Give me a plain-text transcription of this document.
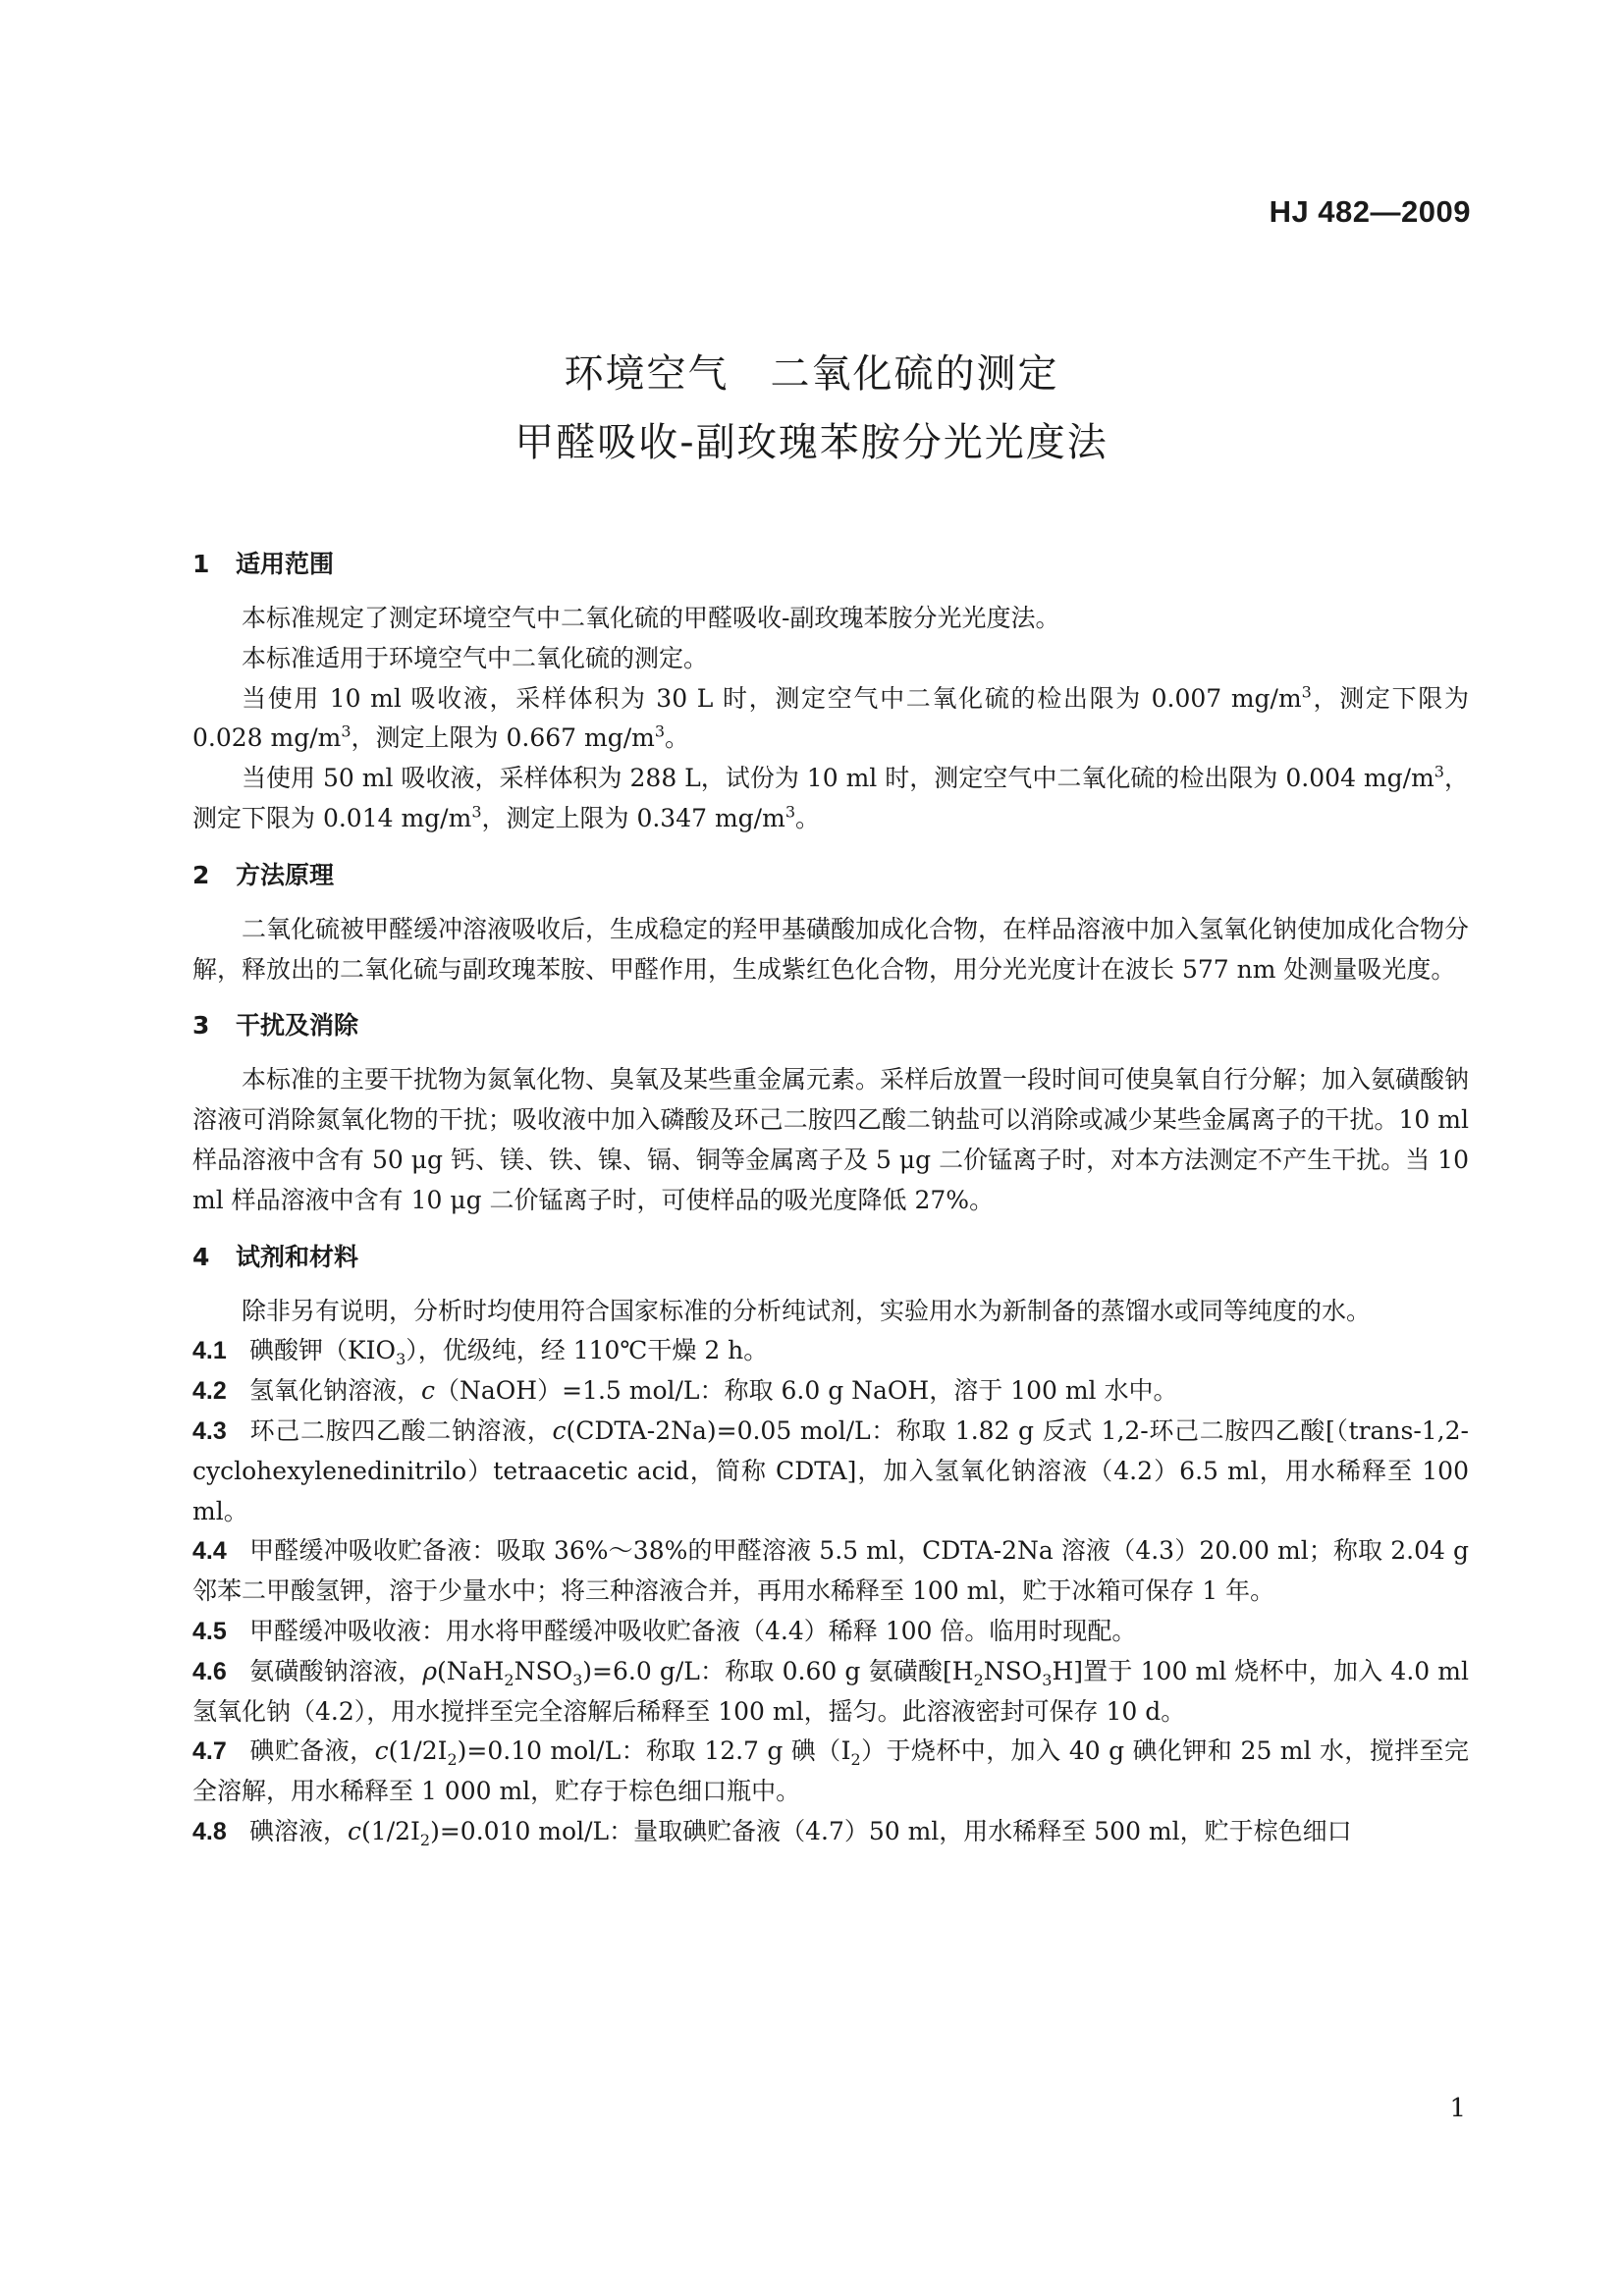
HJ 482—2009
环境空气　二氧化硫的测定
甲醛吸收-副玫瑰苯胺分光光度法
1 适用范围

本标准规定了测定环境空气中二氧化硫的甲醛吸收-副玫瑰苯胺分光光度法。

本标准适用于环境空气中二氧化硫的测定。

当使用 10 ml 吸收液，采样体积为 30 L 时，测定空气中二氧化硫的检出限为 0.007 $mg/m^3$，测定下限为 0.028 $mg/m^3$，测定上限为 0.667 $mg/m^3$。

当使用 50 ml 吸收液，采样体积为 288 L，试份为 10 ml 时，测定空气中二氧化硫的检出限为 0.004 $mg/m^3$，测定下限为 0.014 $mg/m^3$，测定上限为 0.347 $mg/m^3$。

2 方法原理

二氧化硫被甲醛缓冲溶液吸收后，生成稳定的羟甲基磺酸加成化合物，在样品溶液中加入氢氧化钠使加成化合物分解，释放出的二氧化硫与副玫瑰苯胺、甲醛作用，生成紫红色化合物，用分光光度计在波长 577 nm 处测量吸光度。

3 干扰及消除

本标准的主要干扰物为氮氧化物、臭氧及某些重金属元素。采样后放置一段时间可使臭氧自行分解；加入氨磺酸钠溶液可消除氮氧化物的干扰；吸收液中加入磷酸及环己二胺四乙酸二钠盐可以消除或减少某些金属离子的干扰。10 ml 样品溶液中含有 50 μg 钙、镁、铁、镍、镉、铜等金属离子及 5 μg 二价锰离子时，对本方法测定不产生干扰。当 10 ml 样品溶液中含有 10 μg 二价锰离子时，可使样品的吸光度降低 27%。

4 试剂和材料

除非另有说明，分析时均使用符合国家标准的分析纯试剂，实验用水为新制备的蒸馏水或同等纯度的水。

4.1 碘酸钾$(KIO_3)$，优级纯，经 110℃干燥 2 h。

4.2 氢氧化钠溶液，c（NaOH）=1.5 mol/L：称取 6.0 g NaOH，溶于 100 ml 水中。

4.3 环己二胺四乙酸二钠溶液，c(CDTA-2Na)=0.05 mol/L：称取 1.82 g 反式 1,2-环己二胺四乙酸[（trans-1,2-cyclohexylenedinitrilo）tetraacetic acid，简称 CDTA]，加入氢氧化钠溶液（4.2）6.5 ml，用水稀释至 100 ml。

4.4 甲醛缓冲吸收贮备液：吸取 36%～38%的甲醛溶液 5.5 ml，CDTA-2Na 溶液（4.3）20.00 ml；称取 2.04 g 邻苯二甲酸氢钾，溶于少量水中；将三种溶液合并，再用水稀释至 100 ml，贮于冰箱可保存 1 年。

4.5 甲醛缓冲吸收液：用水将甲醛缓冲吸收贮备液（4.4）稀释 100 倍。临用时现配。

4.6 氨磺酸钠溶液，$\rho(NaH_2NSO_3)=6.0$ g/L：称取 0.60 g 氨磺酸$[H_2NSO_3H]$置于 100 ml 烧杯中，加入 4.0 ml 氢氧化钠（4.2），用水搅拌至完全溶解后稀释至 100 ml，摇匀。此溶液密封可保存 10 d。

4.7 碘贮备液，$c(1/2I_2)=0.10$ mol/L：称取 12.7 g 碘$(I_2)$于烧杯中，加入 40 g 碘化钾和 25 ml 水，搅拌至完全溶解，用水稀释至 1 000 ml，贮存于棕色细口瓶中。

4.8 碘溶液，$c(1/2I_2)=0.010$ mol/L：量取碘贮备液（4.7）50 ml，用水稀释至 500 ml，贮于棕色细口

1
